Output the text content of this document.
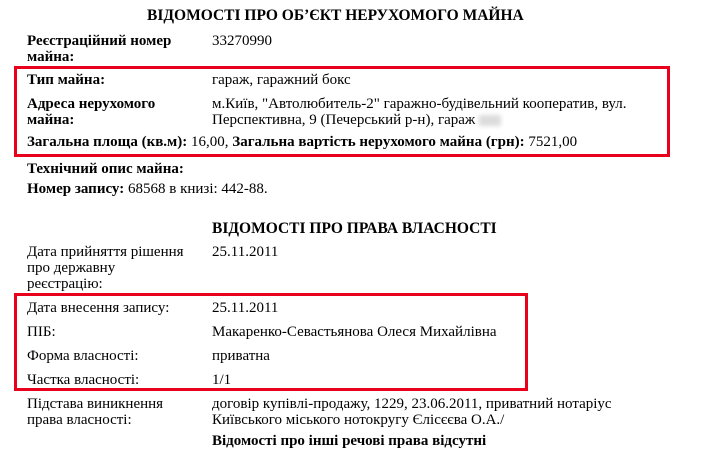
ВІДОМОСТІ ПРО ОБ’ЄКТ НЕРУХОМОГО МАЙНА
Реєстраційний номер
майна:
33270990
Тип майна:	гараж, гаражний бокс
Адреса нерухомого
майна:
м.Київ, "Автолюбитель-2" гаражно-будівельний кооператив, вул.
Перспективна, 9 (Печерський р-н), гараж
Загальна площа (кв.м): 16,00, Загальна вартість нерухомого майна (грн): 7521,00
Технічний опис майна:
Номер запису: 68568 в книзі: 442-88.
ВІДОМОСТІ ПРО ПРАВА ВЛАСНОСТІ
Дата прийняття рішення
про державну
реєстрацію:
25.11.2011
Дата внесення запису:	25.11.2011
ПІБ:	Макаренко-Севастьянова Олеся Михайлівна
Форма власності:	приватна
Частка власності:	1/1
Підстава виникнення
права власності:
договір купівлі-продажу, 1229, 23.06.2011, приватний нотаріус
Київського міського нотокругу Єлісєєва О.А./
Відомості про інші речові права відсутні
